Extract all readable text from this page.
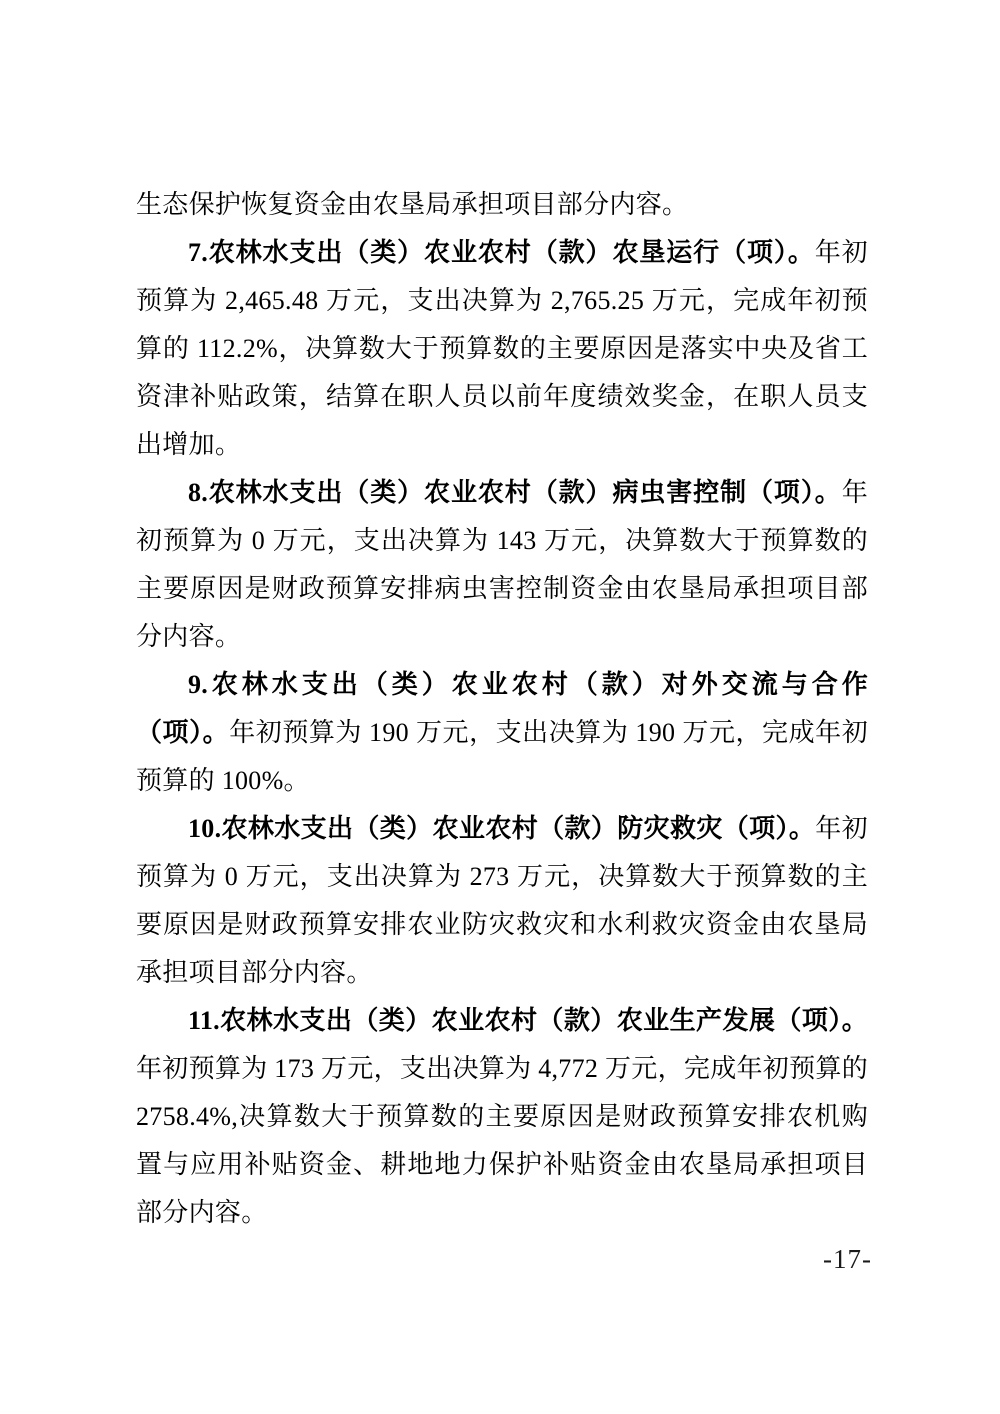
生态保护恢复资金由农垦局承担项目部分内容。

7.农林水支出（类）农业农村（款）农垦运行（项）。年初预算为 2,465.48 万元，支出决算为 2,765.25 万元，完成年初预算的 112.2%，决算数大于预算数的主要原因是落实中央及省工资津补贴政策，结算在职人员以前年度绩效奖金，在职人员支出增加。

8.农林水支出（类）农业农村（款）病虫害控制（项）。年初预算为 0 万元，支出决算为 143 万元，决算数大于预算数的主要原因是财政预算安排病虫害控制资金由农垦局承担项目部分内容。

9.农林水支出（类）农业农村（款）对外交流与合作（项）。年初预算为 190 万元，支出决算为 190 万元，完成年初预算的 100%。

10.农林水支出（类）农业农村（款）防灾救灾（项）。年初预算为 0 万元，支出决算为 273 万元，决算数大于预算数的主要原因是财政预算安排农业防灾救灾和水利救灾资金由农垦局承担项目部分内容。

11.农林水支出（类）农业农村（款）农业生产发展（项）。年初预算为 173 万元，支出决算为 4,772 万元，完成年初预算的 2758.4%,决算数大于预算数的主要原因是财政预算安排农机购置与应用补贴资金、耕地地力保护补贴资金由农垦局承担项目部分内容。

-17-
